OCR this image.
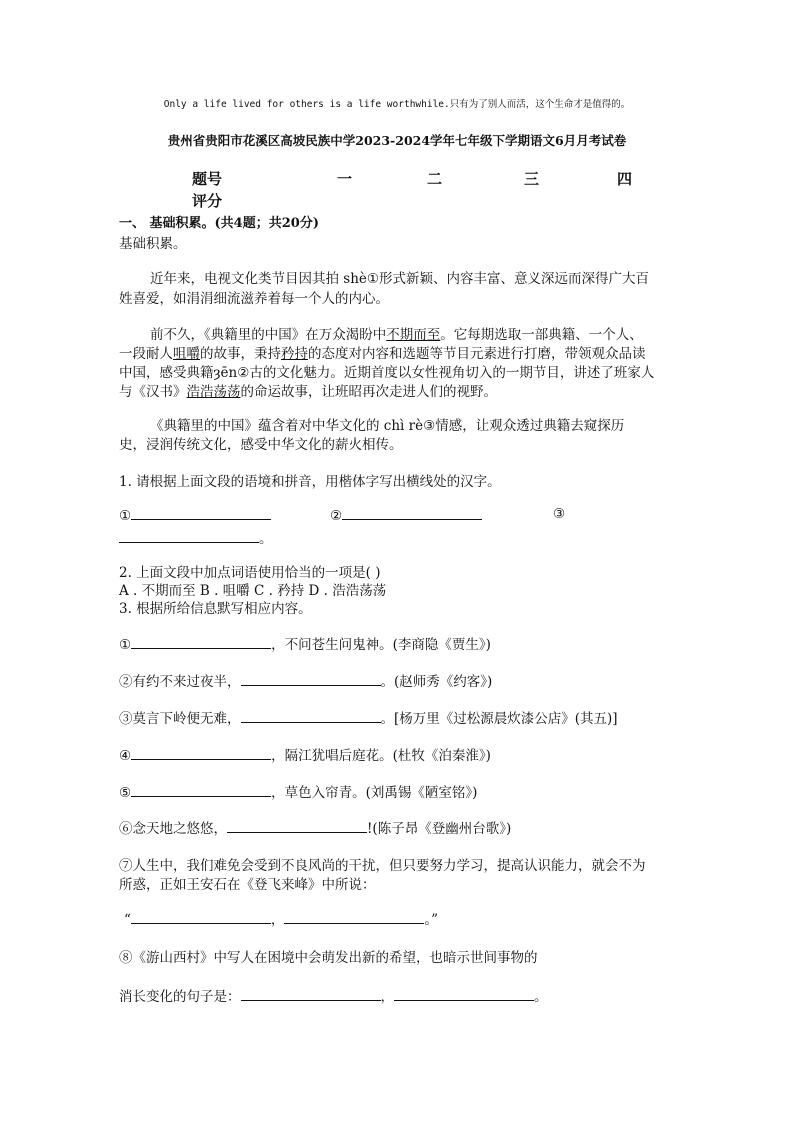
Only a life lived for others is a life worthwhile.只有为了别人而活，这个生命才是值得的。
贵州省贵阳市花溪区高坡民族中学2023-2024学年七年级下学期语文6月月考试卷
题号	一	二	三	四
评分
一、 基础积累。(共4题；共20分)
基础积累。
近年来，电视文化类节目因其拍 shè①形式新颖、内容丰富、意义深远而深得广大百
姓喜爱，如涓涓细流滋养着每一个人的内心。
前不久，《典籍里的中国》在万众渴盼中不期而至。它每期选取一部典籍、一个人、
一段耐人咀嚼的故事，秉持矜持的态度对内容和选题等节目元素进行打磨，带领观众品读
中国，感受典籍ȝēn②古的文化魅力。近期首度以女性视角切入的一期节目，讲述了班家人
与《汉书》浩浩荡荡的命运故事，让班昭再次走进人们的视野。
《典籍里的中国》蕴含着对中华文化的 chì rè③情感，让观众透过典籍去窥探历
史，浸润传统文化，感受中华文化的薪火相传。
1. 请根据上面文段的语境和拼音，用楷体字写出横线处的汉字。
①	②	③
。
2. 上面文段中加点词语使用恰当的一项是( )
A . 不期而至 B . 咀嚼 C . 矜持 D . 浩浩荡荡
3. 根据所给信息默写相应内容。
①	，不问苍生问鬼神。(李商隐《贾生》)
②有约不来过夜半，	。(赵师秀《约客》)
③莫言下岭便无难，	。[杨万里《过松源晨炊漆公店》(其五)]
④	，隔江犹唱后庭花。(杜牧《泊秦淮》)
⑤	，草色入帘青。(刘禹锡《陋室铭》)
⑥念天地之悠悠，	!(陈子昂《登幽州台歌》)
⑦人生中，我们难免会受到不良风尚的干扰，但只要努力学习，提高认识能力，就会不为
所惑，正如王安石在《登飞来峰》中所说：
“	，	。”
⑧《游山西村》中写人在困境中会萌发出新的希望，也暗示世间事物的
消长变化的句子是：	，	。
